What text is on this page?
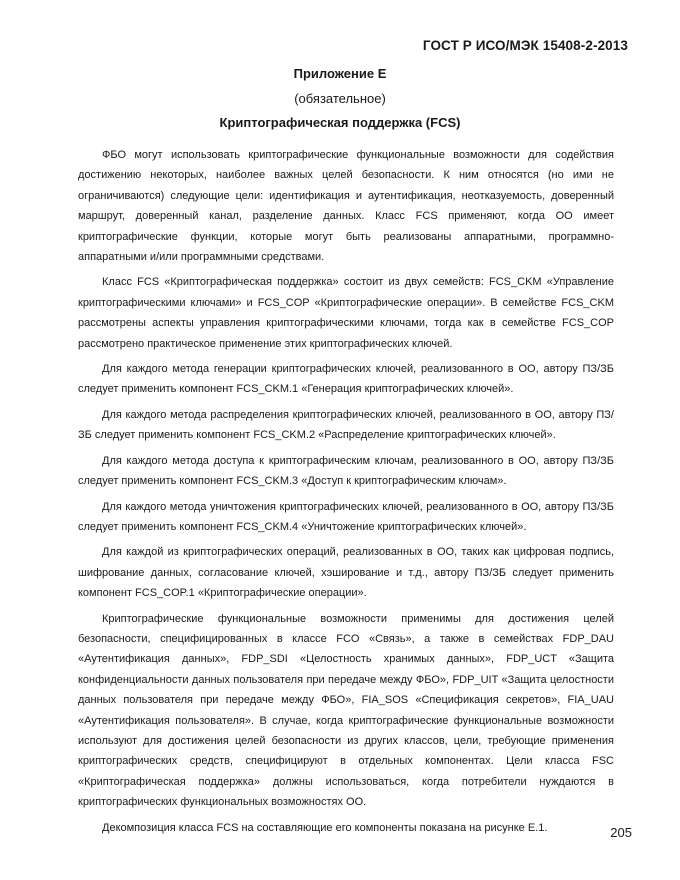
ГОСТ Р ИСО/МЭК 15408-2-2013
Приложение Е
(обязательное)
Криптографическая поддержка (FCS)

ФБО могут использовать криптографические функциональные возможности для содействия достижению некоторых, наиболее важных целей безопасности. К ним относятся (но ими не ограничиваются) следующие цели: идентификация и аутентификация, неотказуемость, доверенный маршрут, доверенный канал, разделение данных. Класс FCS применяют, когда ОО имеет криптографические функции, которые могут быть реализованы аппаратными, программно-аппаратными и/или программными средствами.

Класс FCS «Криптографическая поддержка» состоит из двух семейств: FCS_CKM «Управление криптографическими ключами» и FCS_COP «Криптографические операции». В семействе FCS_CKM рассмотрены аспекты управления криптографическими ключами, тогда как в семействе FCS_COP рассмотрено практическое применение этих криптографических ключей.

Для каждого метода генерации криптографических ключей, реализованного в ОО, автору ПЗ/ЗБ следует применить компонент FCS_CKM.1 «Генерация криптографических ключей».

Для каждого метода распределения криптографических ключей, реализованного в ОО, автору ПЗ/ЗБ следует применить компонент FCS_CKM.2 «Распределение криптографических ключей».

Для каждого метода доступа к криптографическим ключам, реализованного в ОО, автору ПЗ/ЗБ следует применить компонент FCS_CKM.3 «Доступ к криптографическим ключам».

Для каждого метода уничтожения криптографических ключей, реализованного в ОО, автору ПЗ/ЗБ следует применить компонент FCS_CKM.4 «Уничтожение криптографических ключей».

Для каждой из криптографических операций, реализованных в ОО, таких как цифровая подпись, шифрование данных, согласование ключей, хэширование и т.д., автору ПЗ/ЗБ следует применить компонент FCS_COP.1 «Криптографические операции».

Криптографические функциональные возможности применимы для достижения целей безопасности, специфицированных в классе FCO «Связь», а также в семействах FDP_DAU «Аутентификация данных», FDP_SDI «Целостность хранимых данных», FDP_UCT «Защита конфиденциальности данных пользователя при передаче между ФБО», FDP_UIT «Защита целостности данных пользователя при передаче между ФБО», FIA_SOS «Спецификация секретов», FIA_UAU «Аутентификация пользователя». В случае, когда криптографические функциональные возможности используют для достижения целей безопасности из других классов, цели, требующие применения криптографических средств, специфицируют в отдельных компонентах. Цели класса FSC «Криптографическая поддержка» должны использоваться, когда потребители нуждаются в криптографических функциональных возможностях ОО.

Декомпозиция класса FCS на составляющие его компоненты показана на рисунке Е.1.	205
